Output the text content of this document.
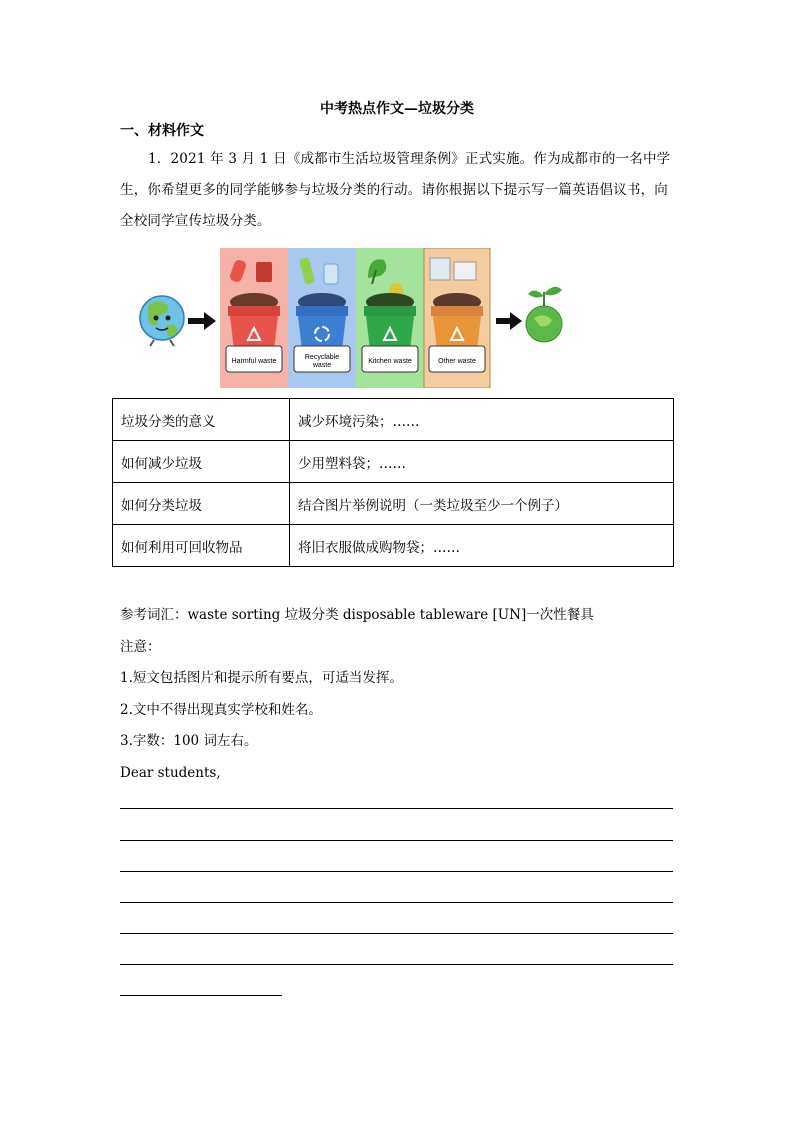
中考热点作文—垃圾分类
一、材料作文
1．2021 年 3 月 1 日《成都市生活垃圾管理条例》正式实施。作为成都市的一名中学生，你希望更多的同学能够参与垃圾分类的行动。请你根据以下提示写一篇英语倡议书，向全校同学宣传垃圾分类。
Harmful waste
Recyclable
waste
Kitchen waste	Other waste
垃圾分类的意义	减少环境污染；……
如何减少垃圾	少用塑料袋；……
如何分类垃圾	结合图片举例说明（一类垃圾至少一个例子）
如何利用可回收物品	将旧衣服做成购物袋；……

参考词汇：waste sorting 垃圾分类 disposable tableware [UN]一次性餐具

注意：

1.短文包括图片和提示所有要点，可适当发挥。

2.文中不得出现真实学校和姓名。

3.字数：100 词左右。

Dear students,
